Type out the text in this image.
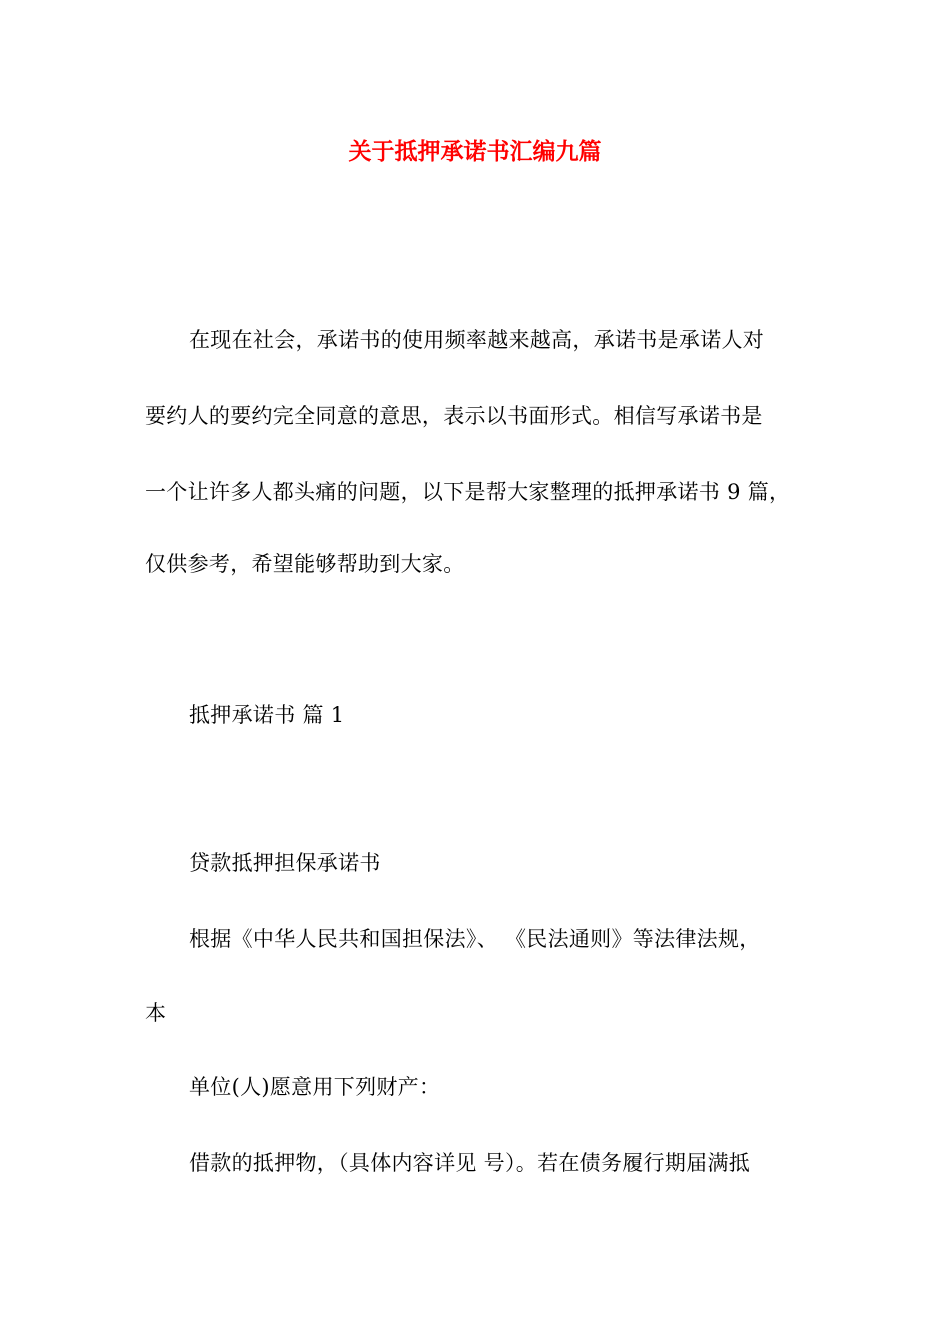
关于抵押承诺书汇编九篇
在现在社会，承诺书的使用频率越来越高，承诺书是承诺人对
要约人的要约完全同意的意思，表示以书面形式。相信写承诺书是
一个让许多人都头痛的问题，以下是帮大家整理的抵押承诺书 9 篇，
仅供参考，希望能够帮助到大家。
抵押承诺书 篇 1
贷款抵押担保承诺书
根据《中华人民共和国担保法》、 《民法通则》等法律法规，
本
单位(人)愿意用下列财产：
借款的抵押物，（具体内容详见 号）。若在债务履行期届满抵
